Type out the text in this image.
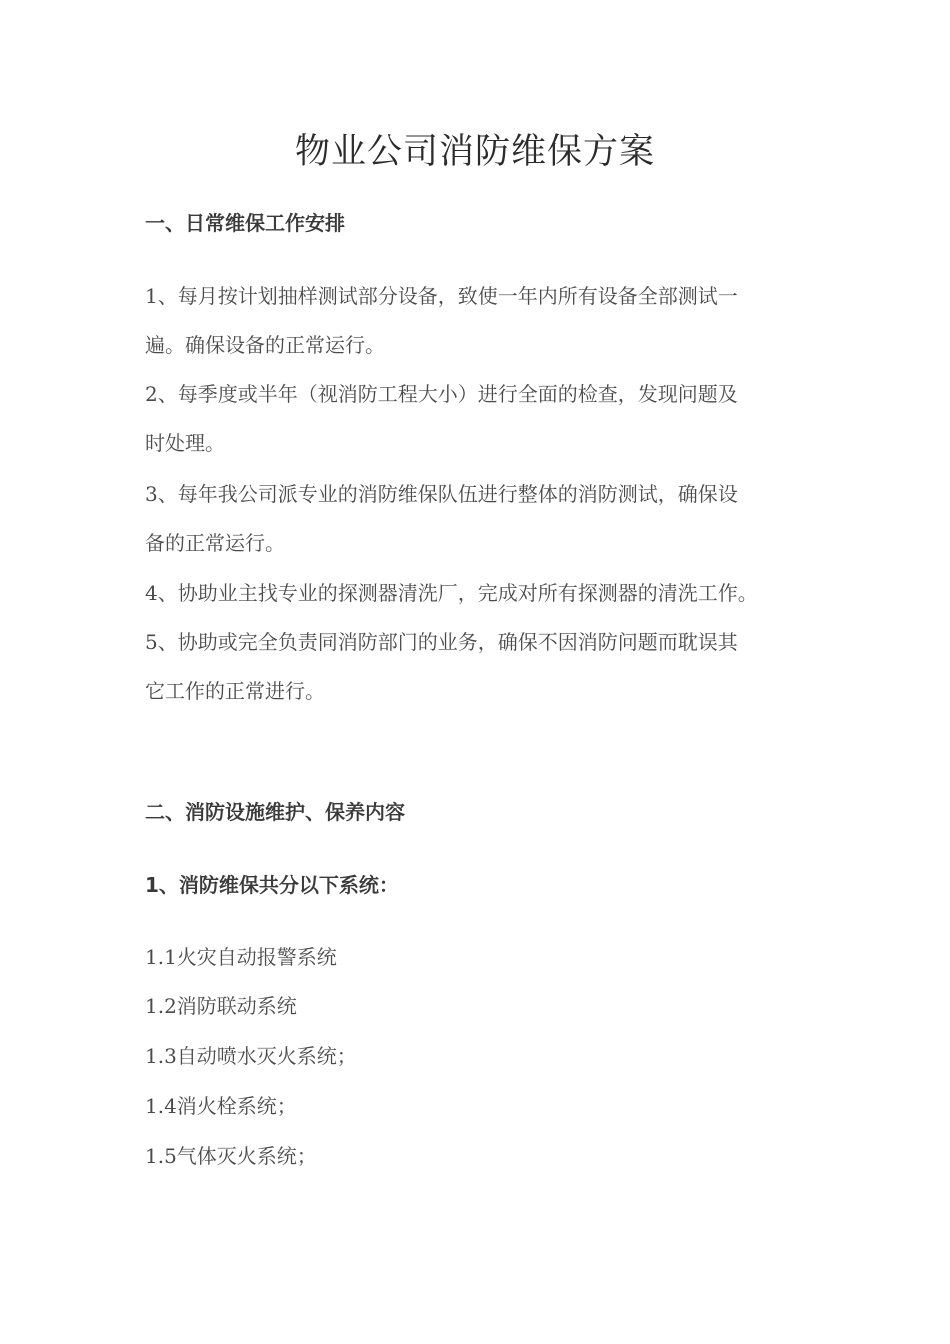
物业公司消防维保方案
一、日常维保工作安排
1、每月按计划抽样测试部分设备，致使一年内所有设备全部测试一
遍。确保设备的正常运行。
2、每季度或半年（视消防工程大小）进行全面的检查，发现问题及
时处理。
3、每年我公司派专业的消防维保队伍进行整体的消防测试，确保设
备的正常运行。
4、协助业主找专业的探测器清洗厂，完成对所有探测器的清洗工作。
5、协助或完全负责同消防部门的业务，确保不因消防问题而耽误其
它工作的正常进行。
二、消防设施维护、保养内容
1、消防维保共分以下系统：
1.1火灾自动报警系统
1.2消防联动系统
1.3自动喷水灭火系统；
1.4消火栓系统；
1.5气体灭火系统；
